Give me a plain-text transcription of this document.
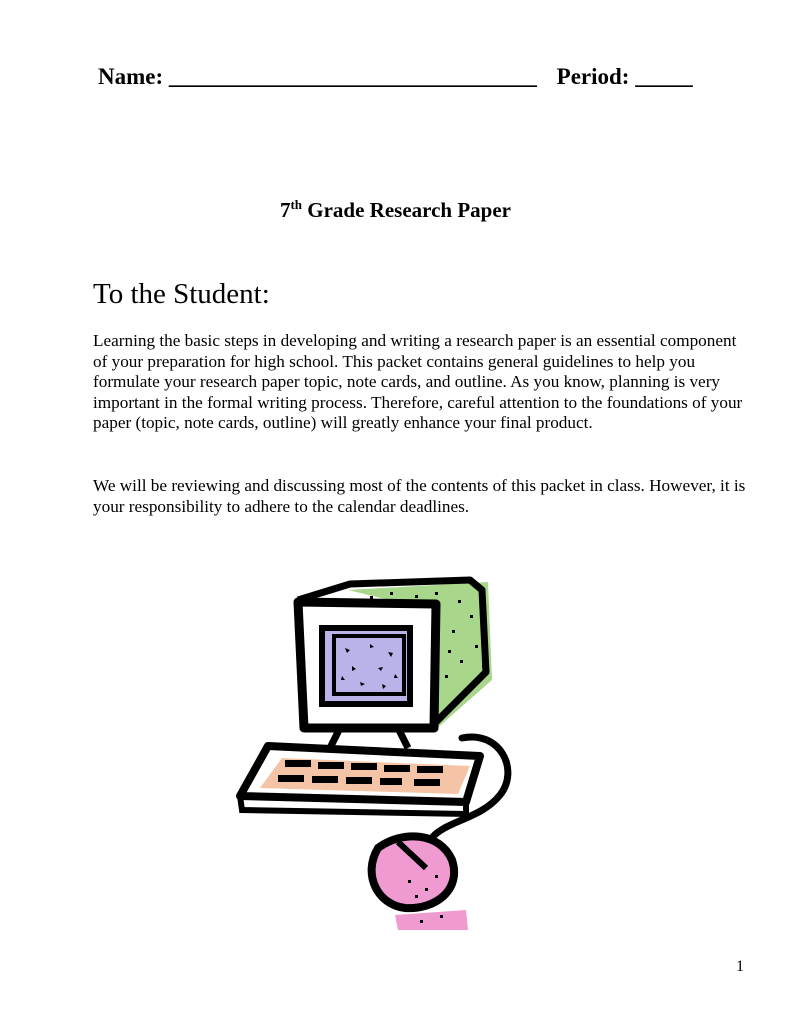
Name: ________________________________ Period: _____
7th Grade Research Paper
To the Student:

Learning the basic steps in developing and writing a research paper is an essential component of your preparation for high school. This packet contains general guidelines to help you formulate your research paper topic, note cards, and outline. As you know, planning is very important in the formal writing process. Therefore, careful attention to the foundations of your paper (topic, note cards, outline) will greatly enhance your final product.

We will be reviewing and discussing most of the contents of this packet in class. However, it is your responsibility to adhere to the calendar deadlines.

1
